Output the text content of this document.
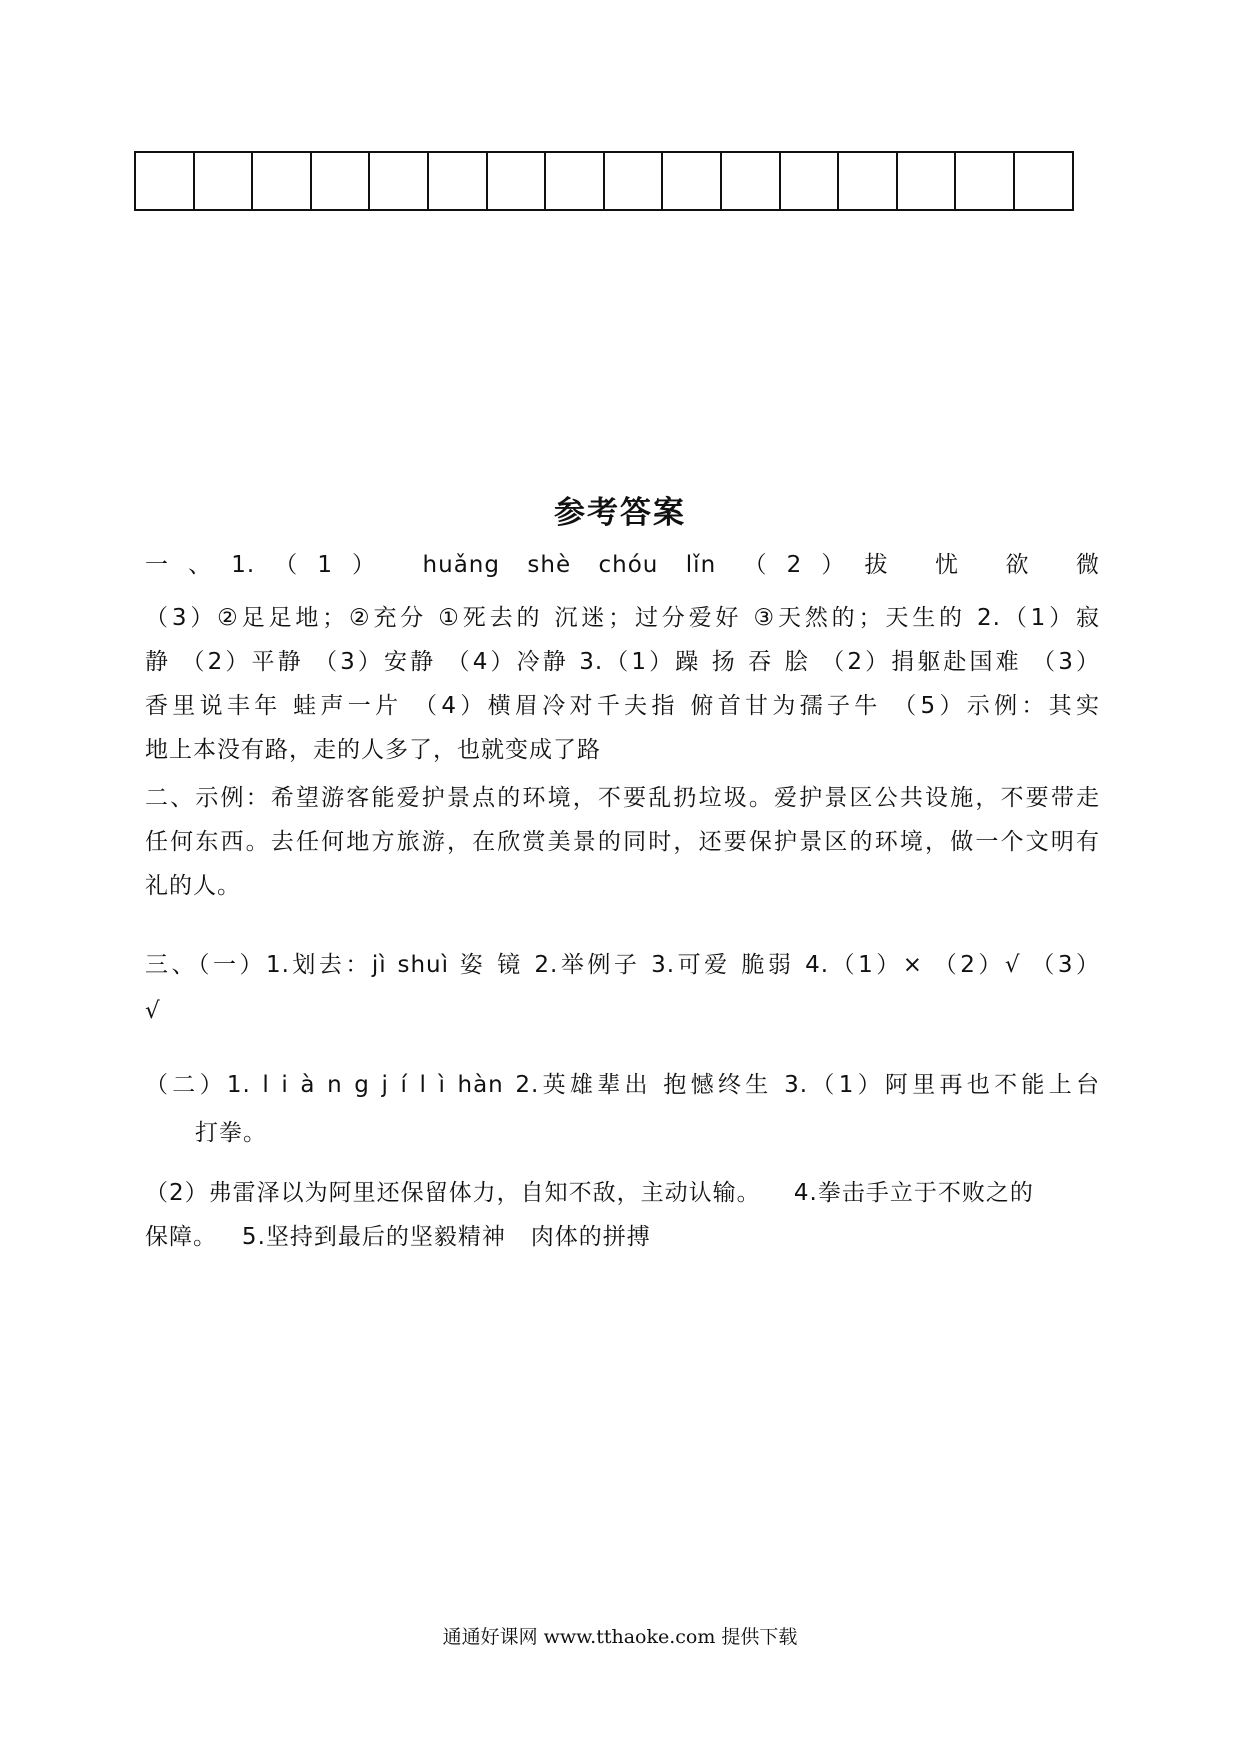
参考答案
一、1.（1） huǎng shè chóu lǐn （2）拔 忧 欲 微
（3）②足足地；②充分 ①死去的 沉迷；过分爱好 ③天然的；天生的 2.（1）寂
静 （2）平静 （3）安静 （4）冷静 3.（1）躁 扬 吞 脍 （2）捐躯赴国难 （3）
香里说丰年 蛙声一片 （4）横眉冷对千夫指 俯首甘为孺子牛 （5）示例：其实
地上本没有路，走的人多了，也就变成了路
二、示例：希望游客能爱护景点的环境，不要乱扔垃圾。爱护景区公共设施，不要带走
任何东西。去任何地方旅游，在欣赏美景的同时，还要保护景区的环境，做一个文明有
礼的人。
三、（一）1.划去：jì shuì 姿 镜 2.举例子 3.可爱 脆弱 4.（1）× （2）√ （3）
√
（二）1. l i à n g j í l ì hàn 2.英雄辈出 抱憾终生 3.（1）阿里再也不能上台
打拳。
（2）弗雷泽以为阿里还保留体力，自知不敌，主动认输。    4.拳击手立于不败之的
保障。   5.坚持到最后的坚毅精神   肉体的拼搏
通通好课网 www.tthaoke.com 提供下载
